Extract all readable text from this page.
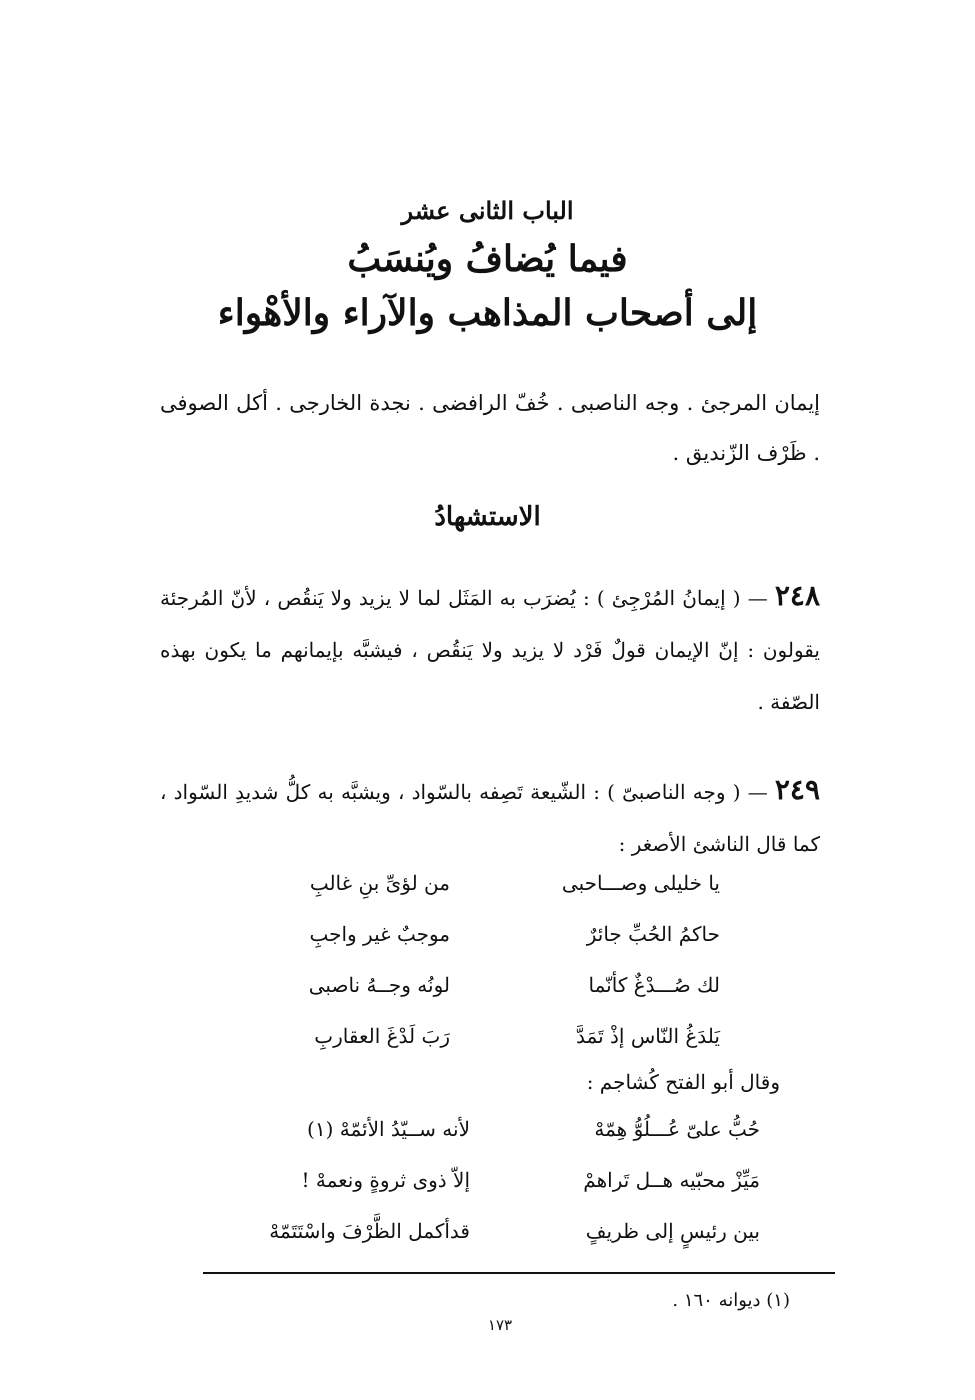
الباب الثانى عشر
فيما يُضافُ ويُنسَبُ
إلى أصحاب المذاهب والآراء والأهْواء
إيمان المرجئ . وجه الناصبى . خُفّ الرافضى . نجدة الخارجى . أكل الصوفى . ظَرْف الزّنديق .
الاستشهادُ
٢٤٨ — ( إيمانُ المُرْجِئ ) : يُضرَب به المَثَل لما لا يزيد ولا يَنقُص ، لأنّ المُرجئة يقولون : إنّ الإيمان قولٌ فَرْد لا يزيد ولا يَنقُص ، فيشبَّه بإيمانهم ما يكون بهذه الصّفة .
٢٤٩ — ( وجه الناصبىّ ) : الشّيعة تَصِفه بالسّواد ، ويشبَّه به كلُّ شديدِ السّواد ، كما قال الناشئ الأصغر :
يا خليلى وصـــاحبى
من لؤىِّ بنِ غالبِ
حاكمُ الحُبِّ جائرٌ
موجبٌ غير واجبِ
لك صُـــدْغٌ كأنّما
لونُه وجــهُ ناصبى
يَلدَغُ النّاس إذْ تَمَدَّ
رَبَ لَدْغَ العقاربِ
وقال أبو الفتح كُشاجم :
حُبُّ علىّ عُـــلُوُّ هِمّهْ
لأنه ســيّدُ الأئمّهْ (١)
مَيِّزْ محبّيه هــل تَراهمْ
إلاّ ذوى ثروةٍ ونعمهْ !
بين رئيسٍ إلى ظريفٍ
قدأكمل الظَّرْفَ واسْتَتَمّهْ
(١) ديوانه ١٦٠ .
١٧٣
